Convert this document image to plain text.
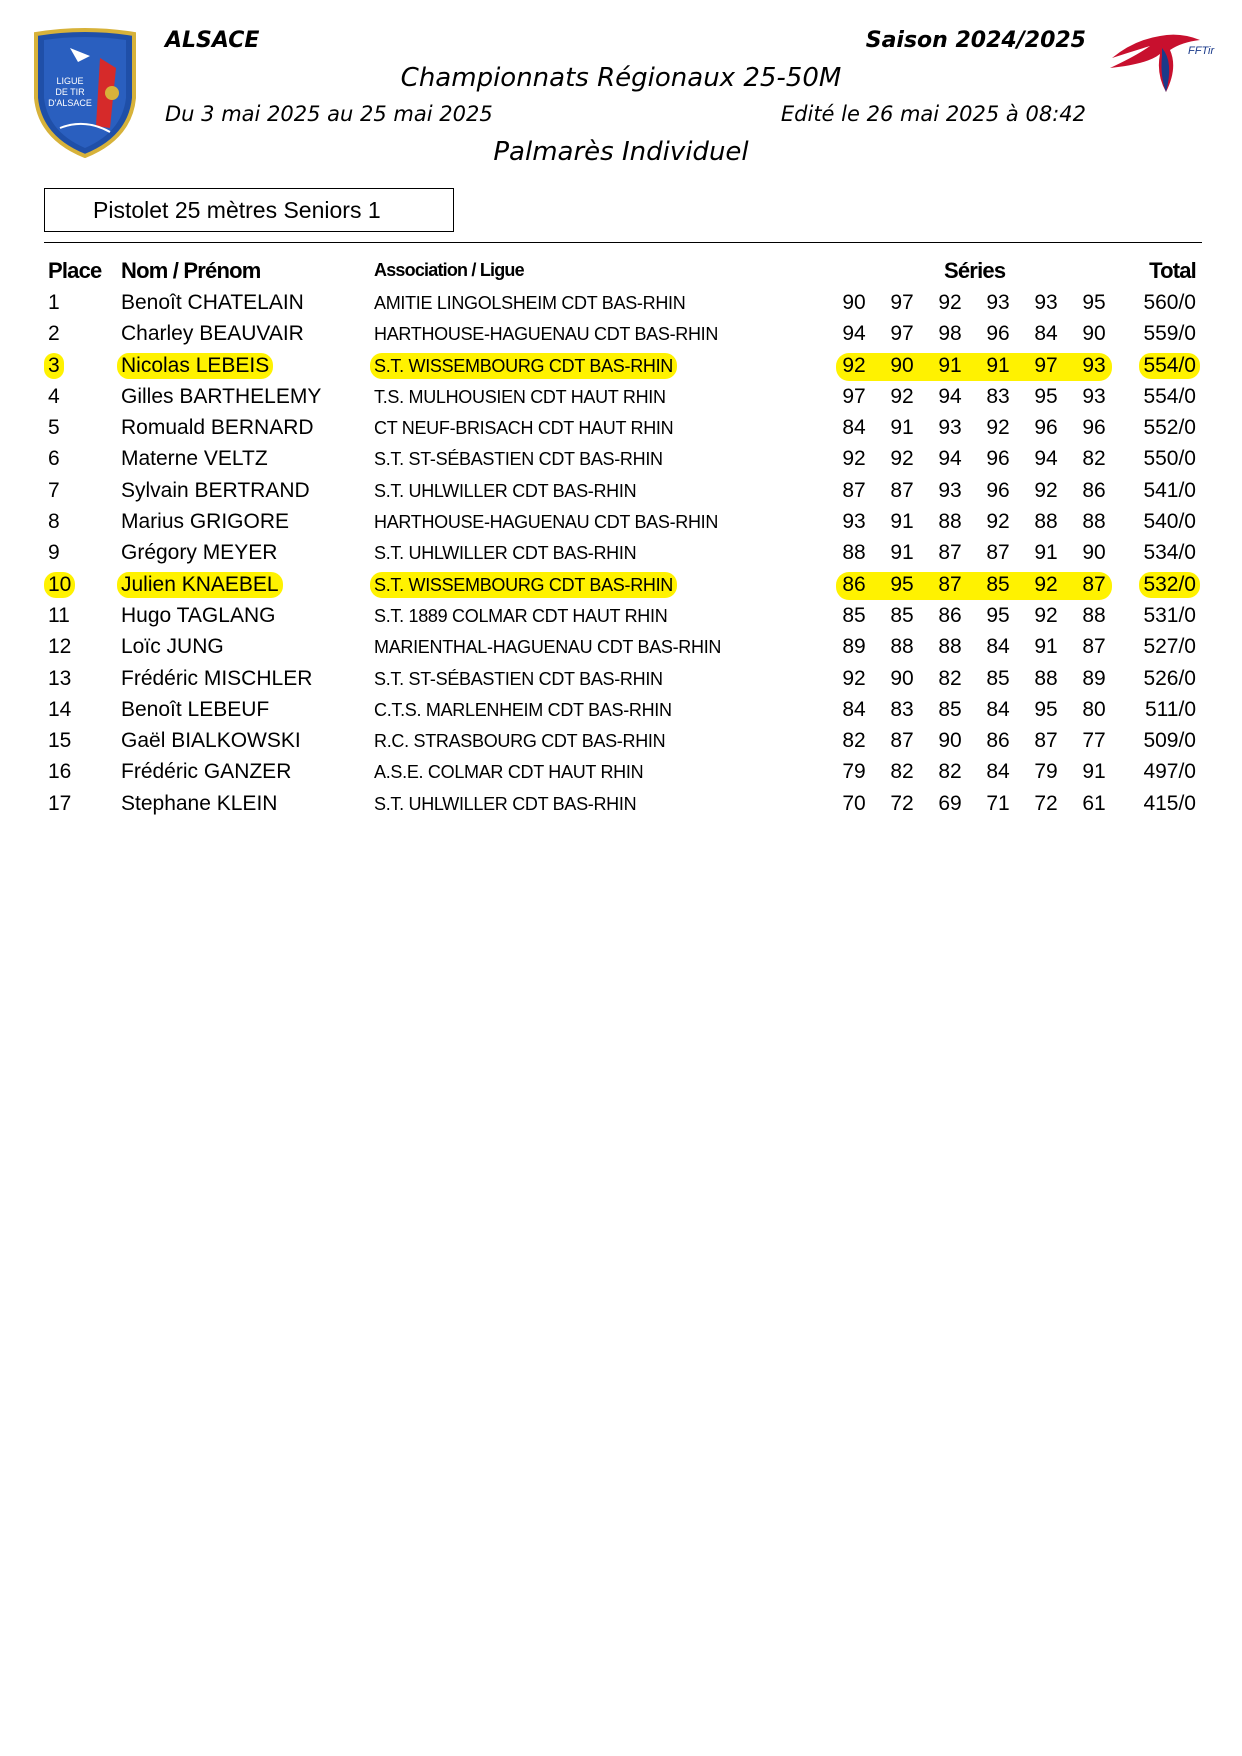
LIGUE
DE TIR
D'ALSACE
FFTir
ALSACE	Saison 2024/2025
Championnats Régionaux 25-50M
Du 3 mai 2025 au 25 mai 2025	Edité le 26 mai 2025 à 08:42
Palmarès Individuel
Pistolet 25 mètres Seniors 1
Place Nom / Prénom	Association / Ligue	Séries	Total
1	Benoît CHATELAIN	AMITIE LINGOLSHEIM CDT BAS-RHIN	90	97	92	93	93	95	560/0
2	Charley BEAUVAIR	HARTHOUSE-HAGUENAU CDT BAS-RHIN	94	97	98	96	84	90	559/0
3	Nicolas LEBEIS	S.T. WISSEMBOURG CDT BAS-RHIN	92	90	91	91	97	93	554/0
4	Gilles BARTHELEMY	T.S. MULHOUSIEN CDT HAUT RHIN	97	92	94	83	95	93	554/0
5	Romuald BERNARD	CT NEUF-BRISACH CDT HAUT RHIN	84	91	93	92	96	96	552/0
6	Materne VELTZ	S.T. ST-SÉBASTIEN CDT BAS-RHIN	92	92	94	96	94	82	550/0
7	Sylvain BERTRAND	S.T. UHLWILLER CDT BAS-RHIN	87	87	93	96	92	86	541/0
8	Marius GRIGORE	HARTHOUSE-HAGUENAU CDT BAS-RHIN	93	91	88	92	88	88	540/0
9	Grégory MEYER	S.T. UHLWILLER CDT BAS-RHIN	88	91	87	87	91	90	534/0
10 Julien KNAEBEL	S.T. WISSEMBOURG CDT BAS-RHIN	86	95	87	85	92	87	532/0
11 Hugo TAGLANG	S.T. 1889 COLMAR CDT HAUT RHIN	85	85	86	95	92	88	531/0
12 Loïc JUNG	MARIENTHAL-HAGUENAU CDT BAS-RHIN	89	88	88	84	91	87	527/0
13 Frédéric MISCHLER	S.T. ST-SÉBASTIEN CDT BAS-RHIN	92	90	82	85	88	89	526/0
14 Benoît LEBEUF	C.T.S. MARLENHEIM CDT BAS-RHIN	84	83	85	84	95	80	511/0
15 Gaël BIALKOWSKI	R.C. STRASBOURG CDT BAS-RHIN	82	87	90	86	87	77	509/0
16 Frédéric GANZER	A.S.E. COLMAR CDT HAUT RHIN	79	82	82	84	79	91	497/0
17 Stephane KLEIN	S.T. UHLWILLER CDT BAS-RHIN	70	72	69	71	72	61	415/0
